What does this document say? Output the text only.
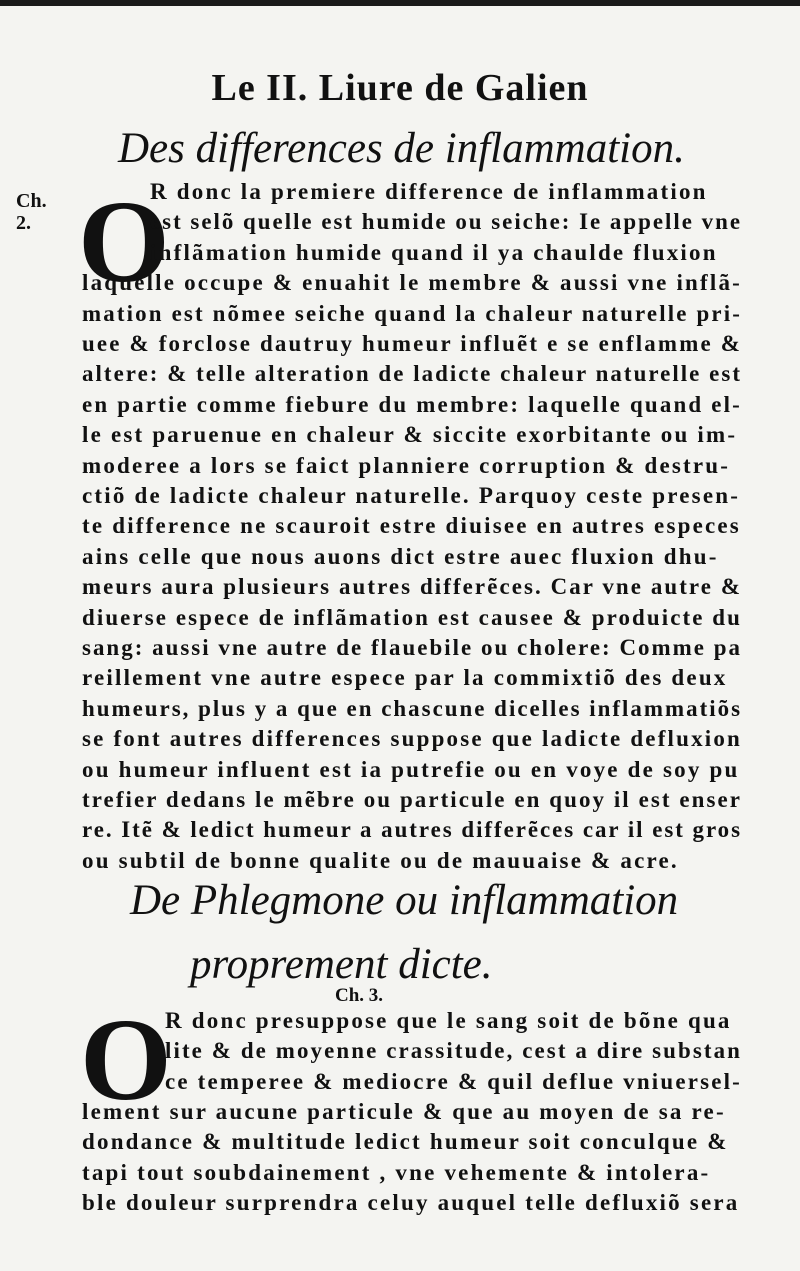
Le II. Liure de Galien
Des differences de inflammation.
Ch. 2. O
R donc la premiere difference de inflammation
est selõ quelle est humide ou seiche: Ie appelle vne
inflãmation humide quand il ya chaulde fluxion
laquelle occupe & enuahit le membre & aussi vne inflã-
mation est nõmee seiche quand la chaleur naturelle pri-
uee & forclose dautruy humeur influẽt e se enflamme &
altere: & telle alteration de ladicte chaleur naturelle est
en partie comme fiebure du membre: laquelle quand el-
le est paruenue en chaleur & siccite exorbitante ou im-
moderee a lors se faict planniere corruption & destru-
ctiõ de ladicte chaleur naturelle. Parquoy ceste presen-
te difference ne scauroit estre diuisee en autres especes
ains celle que nous auons dict estre auec fluxion dhu-
meurs aura plusieurs autres differẽces. Car vne autre &
diuerse espece de inflãmation est causee & produicte du
sang: aussi vne autre de flauebile ou cholere: Comme pa
reillement vne autre espece par la commixtiõ des deux
humeurs, plus y a que en chascune dicelles inflammatiõs
se font autres differences suppose que ladicte defluxion
ou humeur influent est ia putrefie ou en voye de soy pu
trefier dedans le mẽbre ou particule en quoy il est enser
re. Itẽ & ledict humeur a autres differẽces car il est gros
ou subtil de bonne qualite ou de mauuaise & acre.
De Phlegmone ou inflammation
proprement dicte.
Ch. 3.
O
R donc presuppose que le sang soit de bõne qua
lite & de moyenne crassitude, cest a dire substan
ce temperee & mediocre & quil deflue vniuersel-
lement sur aucune particule & que au moyen de sa re-
dondance & multitude ledict humeur soit conculque &
tapi tout soubdainement , vne vehemente & intolera-
ble douleur surprendra celuy auquel telle defluxiõ sera
